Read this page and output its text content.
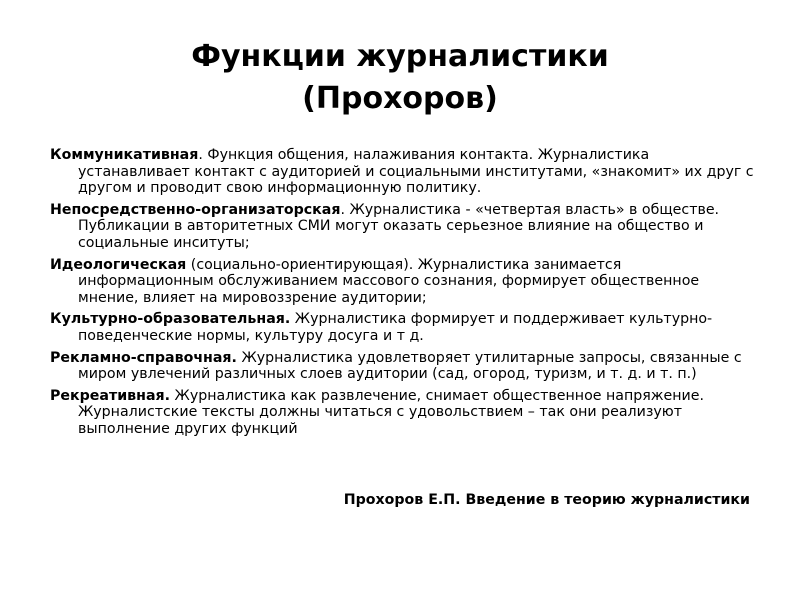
Функции журналистики
(Прохоров)
Коммуникативная. Функция общения, налаживания контакта. Журналистика устанавливает контакт с аудиторией и социальными институтами, «знакомит» их друг с другом и проводит свою информационную политику.
Непосредственно-организаторская. Журналистика - «четвертая власть» в обществе. Публикации в авторитетных СМИ могут оказать серьезное влияние на общество и социальные инситуты;
Идеологическая (социально-ориентирующая). Журналистика занимается информационным обслуживанием массового сознания, формирует общественное мнение, влияет на мировоззрение аудитории;
Культурно-образовательная. Журналистика формирует и поддерживает культурно-поведенческие нормы, культуру досуга и т д.
Рекламно-справочная. Журналистика удовлетворяет утилитарные запросы, связанные с миром увлечений различных слоев аудитории (сад, огород, туризм, и т. д. и т. п.)
Рекреативная. Журналистика как развлечение, снимает общественное напряжение. Журналистские тексты должны читаться с удовольствием – так они реализуют выполнение других функций
Прохоров Е.П. Введение в теорию журналистики
